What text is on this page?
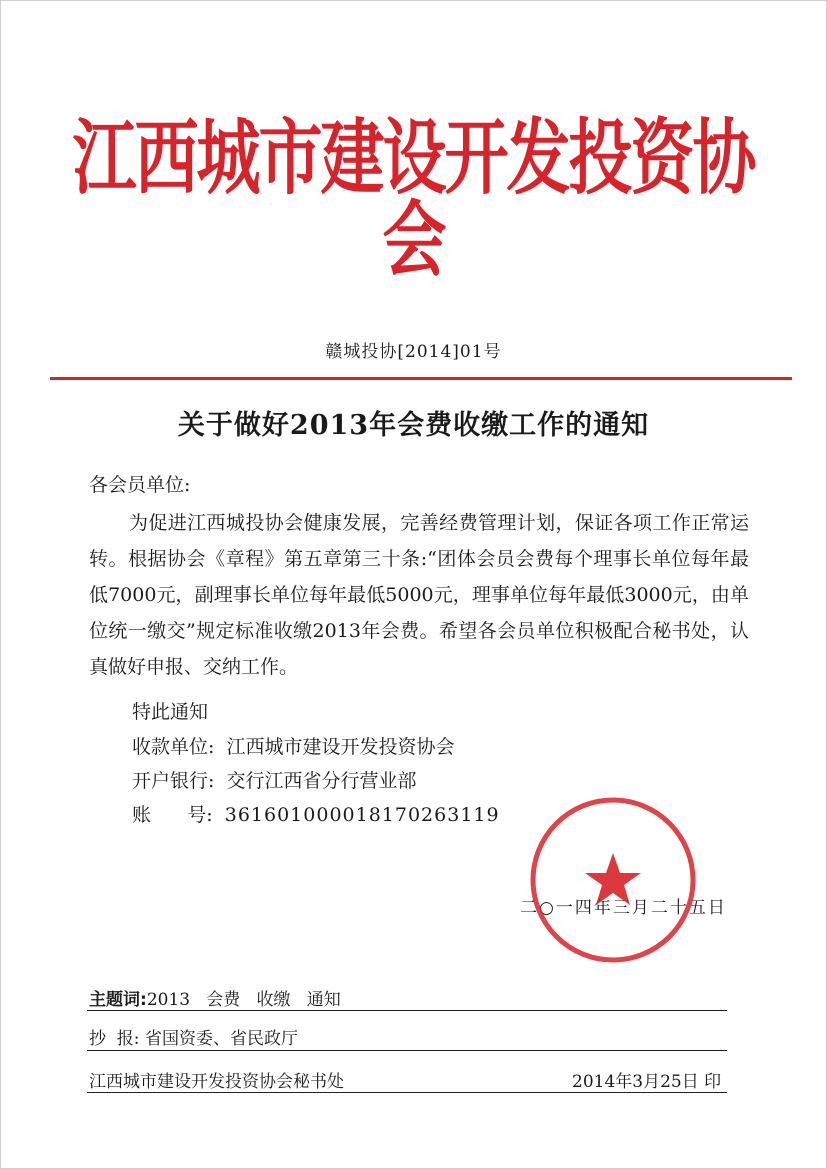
江西城市建设开发投资协会
赣城投协[2014]01号
关于做好2013年会费收缴工作的通知
各会员单位:

为促进江西城投协会健康发展，完善经费管理计划，保证各项工作正常运转。根据协会《章程》第五章第三十条:“团体会员会费每个理事长单位每年最低7000元，副理事长单位每年最低5000元，理事单位每年最低3000元，由单位统一缴交”规定标准收缴2013年会费。希望各会员单位积极配合秘书处，认真做好申报、交纳工作。

特此通知
收款单位: 江西城市建设开发投资协会
开户银行: 交行江西省分行营业部
账      号: 361601000018170263119
二○一四年三月二十五日
主题词:2013   会费   收缴   通知
抄  报: 省国资委、省民政厅
江西城市建设开发投资协会秘书处	2014年3月25日 印
